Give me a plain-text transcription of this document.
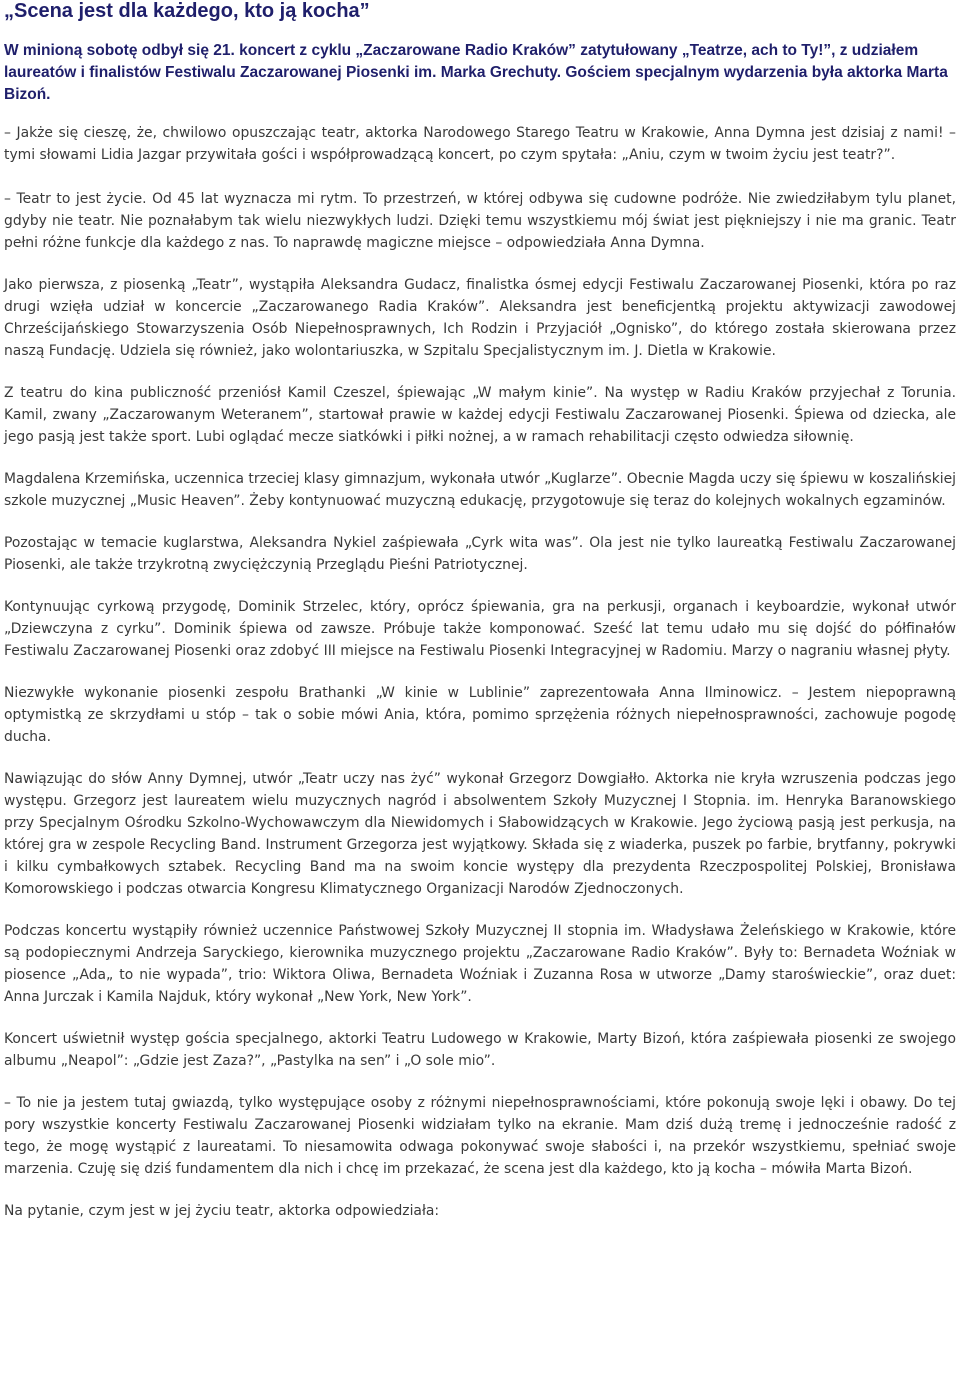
„Scena jest dla każdego, kto ją kocha”

W minioną sobotę odbył się 21. koncert z cyklu „Zaczarowane Radio Kraków” zatytułowany „Teatrze, ach to Ty!”, z udziałem laureatów i finalistów Festiwalu Zaczarowanej Piosenki im. Marka Grechuty. Gościem specjalnym wydarzenia była aktorka Marta Bizoń.

– Jakże się cieszę, że, chwilowo opuszczając teatr, aktorka Narodowego Starego Teatru w Krakowie, Anna Dymna jest dzisiaj z nami! – tymi słowami Lidia Jazgar przywitała gości i współprowadzącą koncert, po czym spytała: „Aniu, czym w twoim życiu jest teatr?”.

– Teatr to jest życie. Od 45 lat wyznacza mi rytm. To przestrzeń, w której odbywa się cudowne podróże. Nie zwiedziłabym tylu planet, gdyby nie teatr. Nie poznałabym tak wielu niezwykłych ludzi. Dzięki temu wszystkiemu mój świat jest piękniejszy i nie ma granic. Teatr pełni różne funkcje dla każdego z nas. To naprawdę magiczne miejsce – odpowiedziała Anna Dymna.

Jako pierwsza, z piosenką „Teatr”, wystąpiła Aleksandra Gudacz, finalistka ósmej edycji Festiwalu Zaczarowanej Piosenki, która po raz drugi wzięła udział w koncercie „Zaczarowanego Radia Kraków”. Aleksandra jest beneficjentką projektu aktywizacji zawodowej Chrześcijańskiego Stowarzyszenia Osób Niepełnosprawnych, Ich Rodzin i Przyjaciół „Ognisko”, do którego została skierowana przez naszą Fundację. Udziela się również, jako wolontariuszka, w Szpitalu Specjalistycznym im. J. Dietla w Krakowie.

Z teatru do kina publiczność przeniósł Kamil Czeszel, śpiewając „W małym kinie”. Na występ w Radiu Kraków przyjechał z Torunia. Kamil, zwany „Zaczarowanym Weteranem”, startował prawie w każdej edycji Festiwalu Zaczarowanej Piosenki. Śpiewa od dziecka, ale jego pasją jest także sport. Lubi oglądać mecze siatkówki i piłki nożnej, a w ramach rehabilitacji często odwiedza siłownię.

Magdalena Krzemińska, uczennica trzeciej klasy gimnazjum, wykonała utwór „Kuglarze”. Obecnie Magda uczy się śpiewu w koszalińskiej szkole muzycznej „Music Heaven”. Żeby kontynuować muzyczną edukację, przygotowuje się teraz do kolejnych wokalnych egzaminów.

Pozostając w temacie kuglarstwa, Aleksandra Nykiel zaśpiewała „Cyrk wita was”. Ola jest nie tylko laureatką Festiwalu Zaczarowanej Piosenki, ale także trzykrotną zwyciężczynią Przeglądu Pieśni Patriotycznej.

Kontynuując cyrkową przygodę, Dominik Strzelec, który, oprócz śpiewania, gra na perkusji, organach i keyboardzie, wykonał utwór „Dziewczyna z cyrku”. Dominik śpiewa od zawsze. Próbuje także komponować. Sześć lat temu udało mu się dojść do półfinałów Festiwalu Zaczarowanej Piosenki oraz zdobyć III miejsce na Festiwalu Piosenki Integracyjnej w Radomiu. Marzy o nagraniu własnej płyty.

Niezwykłe wykonanie piosenki zespołu Brathanki „W kinie w Lublinie” zaprezentowała Anna Ilminowicz. – Jestem niepoprawną optymistką ze skrzydłami u stóp – tak o sobie mówi Ania, która, pomimo sprzężenia różnych niepełnosprawności, zachowuje pogodę ducha.

Nawiązując do słów Anny Dymnej, utwór „Teatr uczy nas żyć” wykonał Grzegorz Dowgiałło. Aktorka nie kryła wzruszenia podczas jego występu. Grzegorz jest laureatem wielu muzycznych nagród i absolwentem Szkoły Muzycznej I Stopnia. im. Henryka Baranowskiego przy Specjalnym Ośrodku Szkolno-Wychowawczym dla Niewidomych i Słabowidzących w Krakowie. Jego życiową pasją jest perkusja, na której gra w zespole Recycling Band. Instrument Grzegorza jest wyjątkowy. Składa się z wiaderka, puszek po farbie, brytfanny, pokrywki i kilku cymbałkowych sztabek. Recycling Band ma na swoim koncie występy dla prezydenta Rzeczpospolitej Polskiej, Bronisława Komorowskiego i podczas otwarcia Kongresu Klimatycznego Organizacji Narodów Zjednoczonych.

Podczas koncertu wystąpiły również uczennice Państwowej Szkoły Muzycznej II stopnia im. Władysława Żeleńskiego w Krakowie, które są podopiecznymi Andrzeja Saryckiego, kierownika muzycznego projektu „Zaczarowane Radio Kraków”. Były to: Bernadeta Woźniak w piosence „Ada„ to nie wypada”, trio: Wiktora Oliwa, Bernadeta Woźniak i Zuzanna Rosa w utworze „Damy staroświeckie”, oraz duet: Anna Jurczak i Kamila Najduk, który wykonał „New York, New York”.

Koncert uświetnił występ gościa specjalnego, aktorki Teatru Ludowego w Krakowie, Marty Bizoń, która zaśpiewała piosenki ze swojego albumu „Neapol”: „Gdzie jest Zaza?”, „Pastylka na sen” i „O sole mio”.

– To nie ja jestem tutaj gwiazdą, tylko występujące osoby z różnymi niepełnosprawnościami, które pokonują swoje lęki i obawy. Do tej pory wszystkie koncerty Festiwalu Zaczarowanej Piosenki widziałam tylko na ekranie. Mam dziś dużą tremę i jednocześnie radość z tego, że mogę wystąpić z laureatami. To niesamowita odwaga pokonywać swoje słabości i, na przekór wszystkiemu, spełniać swoje marzenia. Czuję się dziś fundamentem dla nich i chcę im przekazać, że scena jest dla każdego, kto ją kocha – mówiła Marta Bizoń.

Na pytanie, czym jest w jej życiu teatr, aktorka odpowiedziała:
